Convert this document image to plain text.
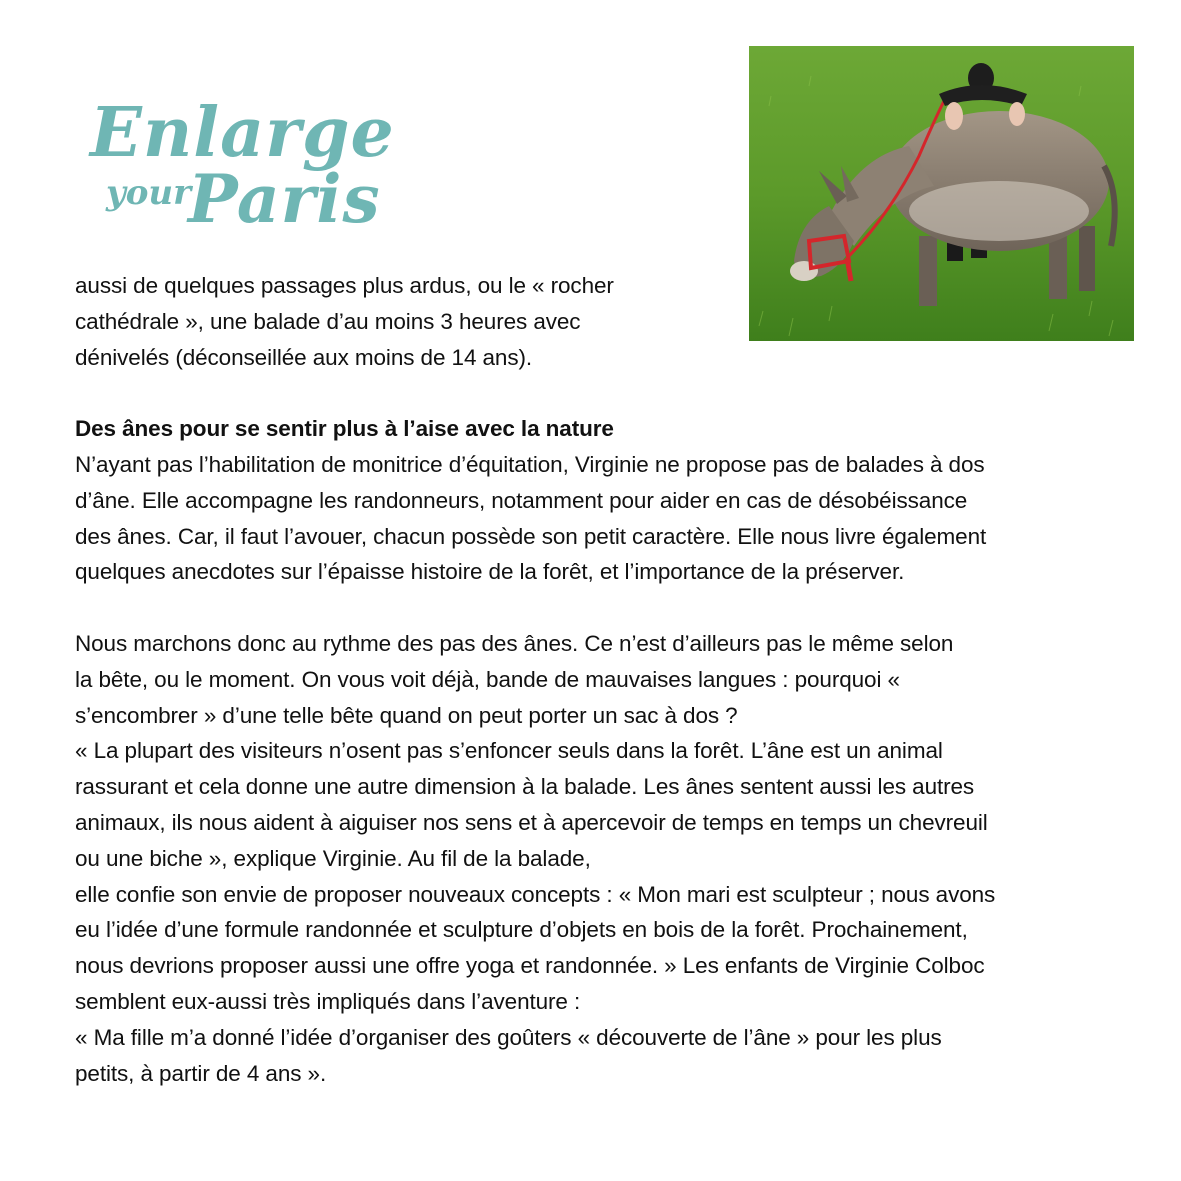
Enlarge
your
Paris
aussi de quelques passages plus ardus, ou le « rocher
cathédrale », une balade d’au moins 3 heures avec
dénivelés (déconseillée aux moins de 14 ans).
Des ânes pour se sentir plus à l’aise avec la nature
N’ayant pas l’habilitation de monitrice d’équitation, Virginie ne propose pas de balades à dos
d’âne. Elle accompagne les randonneurs, notamment pour aider en cas de désobéissance
des ânes. Car, il faut l’avouer, chacun possède son petit caractère. Elle nous livre également
quelques anecdotes sur l’épaisse histoire de la forêt, et l’importance de la préserver.
Nous marchons donc au rythme des pas des ânes. Ce n’est d’ailleurs pas le même selon
la bête, ou le moment. On vous voit déjà, bande de mauvaises langues : pourquoi «
s’encombrer » d’une telle bête quand on peut porter un sac à dos ?
« La plupart des visiteurs n’osent pas s’enfoncer seuls dans la forêt. L’âne est un animal
rassurant et cela donne une autre dimension à la balade. Les ânes sentent aussi les autres
animaux, ils nous aident à aiguiser nos sens et à apercevoir de temps en temps un chevreuil
ou une biche », explique Virginie. Au fil de la balade,
elle confie son envie de proposer nouveaux concepts : « Mon mari est sculpteur ; nous avons
eu l’idée d’une formule randonnée et sculpture d’objets en bois de la forêt. Prochainement,
nous devrions proposer aussi une offre yoga et randonnée. » Les enfants de Virginie Colboc
semblent eux-aussi très impliqués dans l’aventure :
« Ma fille m’a donné l’idée d’organiser des goûters « découverte de l’âne » pour les plus
petits, à partir de 4 ans ».
